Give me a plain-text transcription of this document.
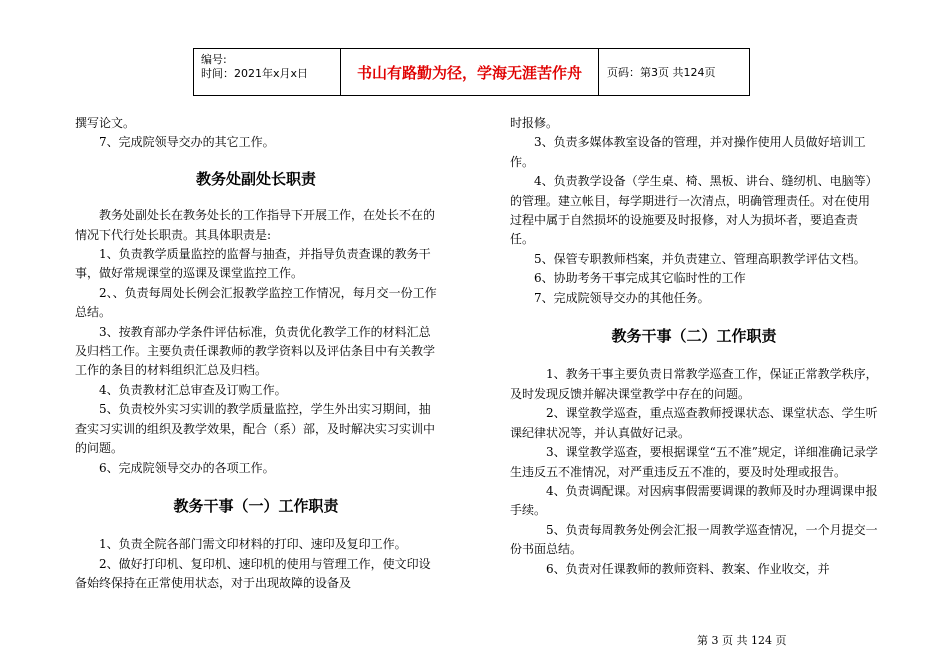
编号:
时间：2021年x月x日	书山有路勤为径，学海无涯苦作舟	页码：第3页 共124页

撰写论文。

7、完成院领导交办的其它工作。

教务处副处长职责

教务处副处长在教务处长的工作指导下开展工作，在处长不在的情况下代行处长职责。其具体职责是:

1、负责教学质量监控的监督与抽查，并指导负责查课的教务干事，做好常规课堂的巡课及课堂监控工作。

2、、负责每周处长例会汇报教学监控工作情况，每月交一份工作总结。

3、按教育部办学条件评估标准，负责优化教学工作的材料汇总及归档工作。主要负责任课教师的教学资料以及评估条目中有关教学工作的条目的材料组织汇总及归档。

4、负责教材汇总审查及订购工作。

5、负责校外实习实训的教学质量监控，学生外出实习期间，抽查实习实训的组织及教学效果，配合（系）部，及时解决实习实训中的问题。

6、完成院领导交办的各项工作。

教务干事（一）工作职责

1、负责全院各部门需文印材料的打印、速印及复印工作。

2、做好打印机、复印机、速印机的使用与管理工作，使文印设备始终保持在正常使用状态，对于出现故障的设备及

时报修。

3、负责多媒体教室设备的管理，并对操作使用人员做好培训工作。

4、负责教学设备（学生桌、椅、黑板、讲台、缝纫机、电脑等）的管理。建立帐目，每学期进行一次清点，明确管理责任。对在使用过程中属于自然损坏的设施要及时报修，对人为损坏者，要追查责任。

5、保管专职教师档案，并负责建立、管理高职教学评估文档。

6、协助考务干事完成其它临时性的工作

7、完成院领导交办的其他任务。

教务干事（二）工作职责

1、教务干事主要负责日常教学巡查工作，保证正常教学秩序，及时发现反馈并解决课堂教学中存在的问题。

2、课堂教学巡查，重点巡查教师授课状态、课堂状态、学生听课纪律状况等，并认真做好记录。

3、课堂教学巡查，要根据课堂“五不准”规定，详细准确记录学生违反五不准情况，对严重违反五不准的，要及时处理或报告。

4、负责调配课。对因病事假需要调课的教师及时办理调课申报手续。

5、负责每周教务处例会汇报一周教学巡查情况，一个月提交一份书面总结。

6、负责对任课教师的教师资料、教案、作业收交，并

第 3 页 共 124 页
